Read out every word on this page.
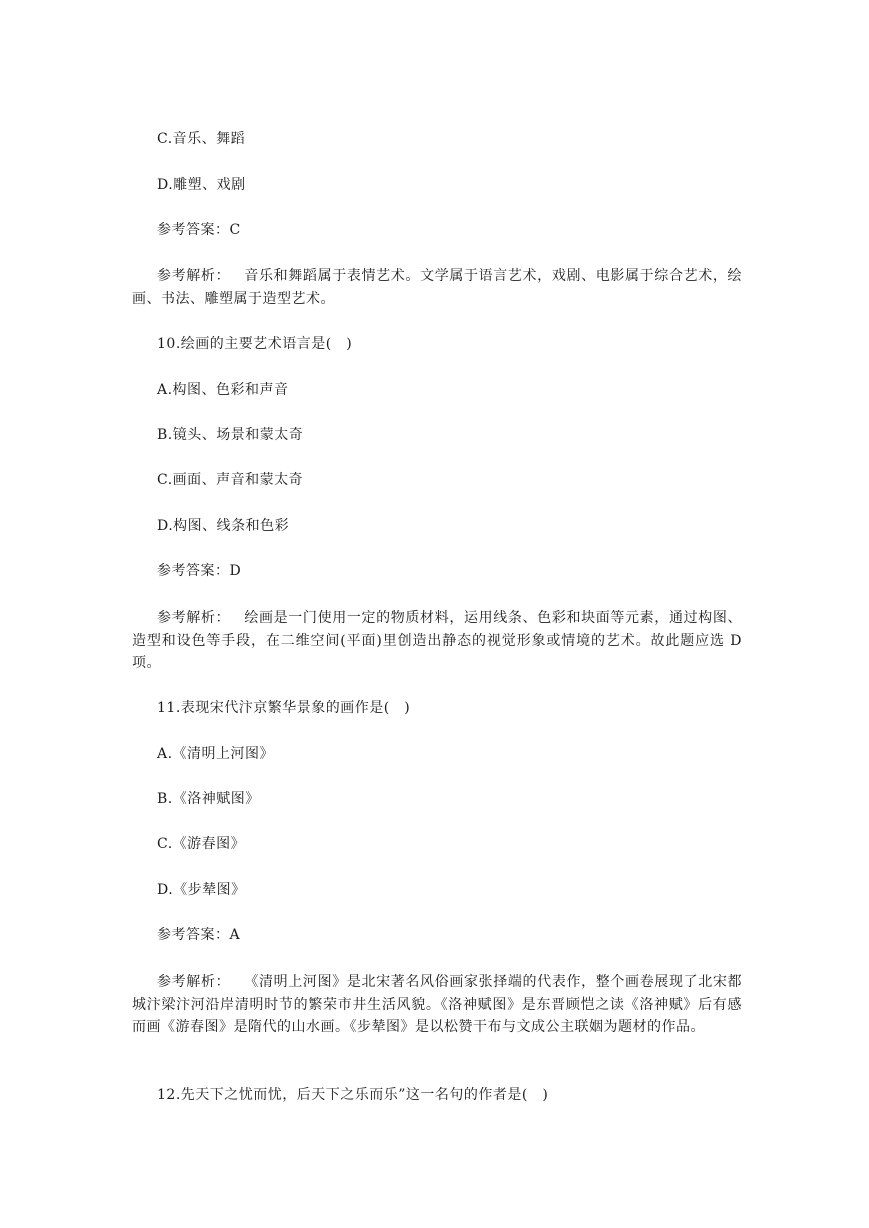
C.音乐、舞蹈
D.雕塑、戏剧
参考答案：C
参考解析： 音乐和舞蹈属于表情艺术。文学属于语言艺术，戏剧、电影属于综合艺术，绘画、书法、雕塑属于造型艺术。
10.绘画的主要艺术语言是(　)
A.构图、色彩和声音
B.镜头、场景和蒙太奇
C.画面、声音和蒙太奇
D.构图、线条和色彩
参考答案：D
参考解析： 绘画是一门使用一定的物质材料，运用线条、色彩和块面等元素，通过构图、造型和设色等手段，在二维空间(平面)里创造出静态的视觉形象或情境的艺术。故此题应选 D 项。
11.表现宋代汴京繁华景象的画作是(　)
A.《清明上河图》
B.《洛神赋图》
C.《游春图》
D.《步辇图》
参考答案：A
参考解析： 《清明上河图》是北宋著名风俗画家张择端的代表作，整个画卷展现了北宋都城汴梁汴河沿岸清明时节的繁荣市井生活风貌。《洛神赋图》是东晋顾恺之读《洛神赋》后有感而画《游春图》是隋代的山水画。《步辇图》是以松赞干布与文成公主联姻为题材的作品。
12.先天下之忧而忧，后天下之乐而乐”这一名句的作者是(　)
